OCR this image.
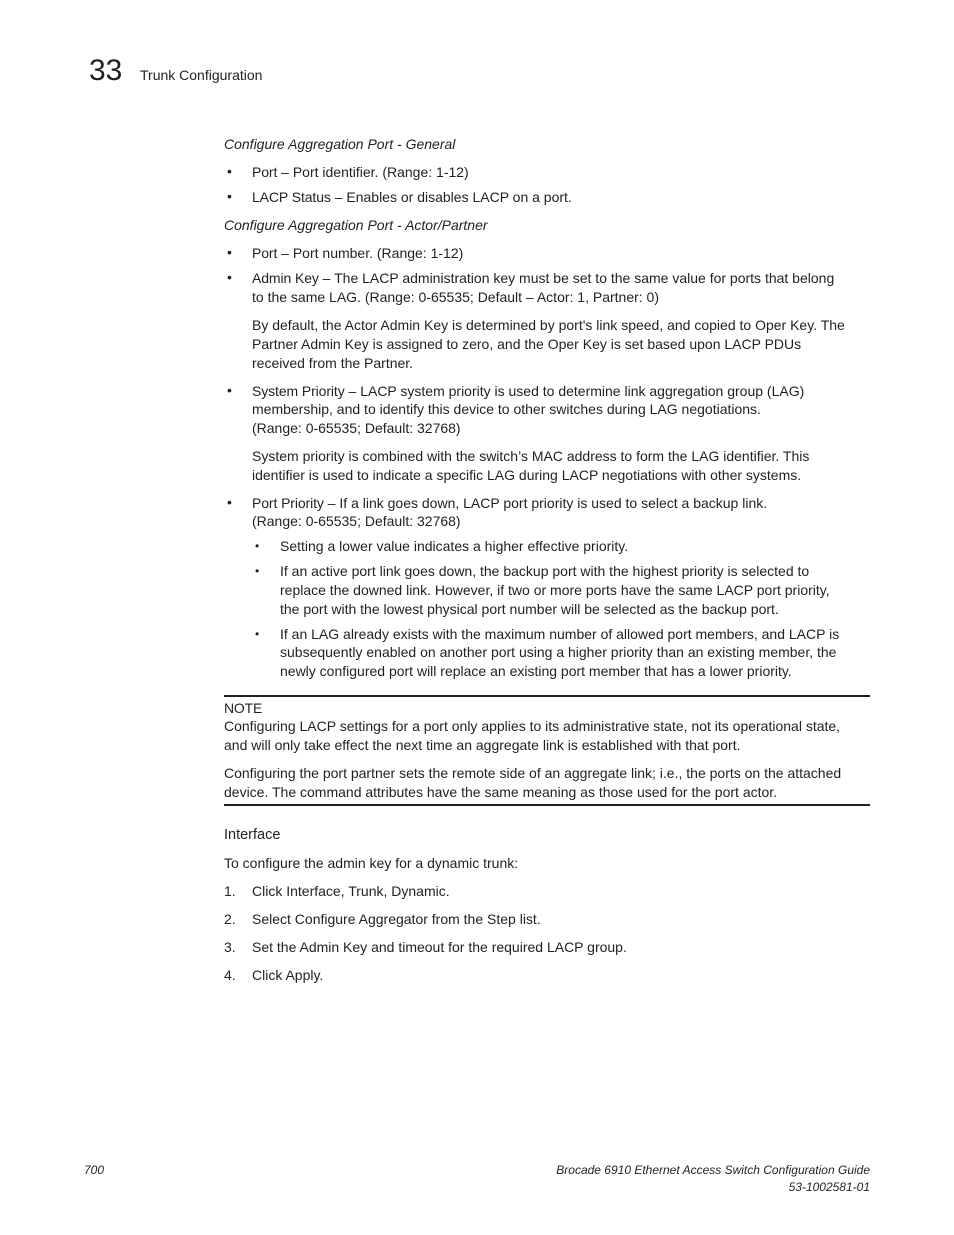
33 Trunk Configuration
Configure Aggregation Port - General
• Port – Port identifier. (Range: 1-12)
• LACP Status – Enables or disables LACP on a port.
Configure Aggregation Port - Actor/Partner
• Port – Port number. (Range: 1-12)
• Admin Key – The LACP administration key must be set to the same value for ports that belong
to the same LAG. (Range: 0-65535; Default – Actor: 1, Partner: 0)
By default, the Actor Admin Key is determined by port's link speed, and copied to Oper Key. The
Partner Admin Key is assigned to zero, and the Oper Key is set based upon LACP PDUs
received from the Partner.
• System Priority – LACP system priority is used to determine link aggregation group (LAG)
membership, and to identify this device to other switches during LAG negotiations.
(Range: 0-65535; Default: 32768)
System priority is combined with the switch’s MAC address to form the LAG identifier. This
identifier is used to indicate a specific LAG during LACP negotiations with other systems.
• Port Priority – If a link goes down, LACP port priority is used to select a backup link.
(Range: 0-65535; Default: 32768)
• Setting a lower value indicates a higher effective priority.
• If an active port link goes down, the backup port with the highest priority is selected to
replace the downed link. However, if two or more ports have the same LACP port priority,
the port with the lowest physical port number will be selected as the backup port.
• If an LAG already exists with the maximum number of allowed port members, and LACP is
subsequently enabled on another port using a higher priority than an existing member, the
newly configured port will replace an existing port member that has a lower priority.
NOTE
Configuring LACP settings for a port only applies to its administrative state, not its operational state,
and will only take effect the next time an aggregate link is established with that port.
Configuring the port partner sets the remote side of an aggregate link; i.e., the ports on the attached
device. The command attributes have the same meaning as those used for the port actor.
Interface
To configure the admin key for a dynamic trunk:
1. Click Interface, Trunk, Dynamic.
2. Select Configure Aggregator from the Step list.
3. Set the Admin Key and timeout for the required LACP group.
4. Click Apply.
700	Brocade 6910 Ethernet Access Switch Configuration Guide
53-1002581-01
